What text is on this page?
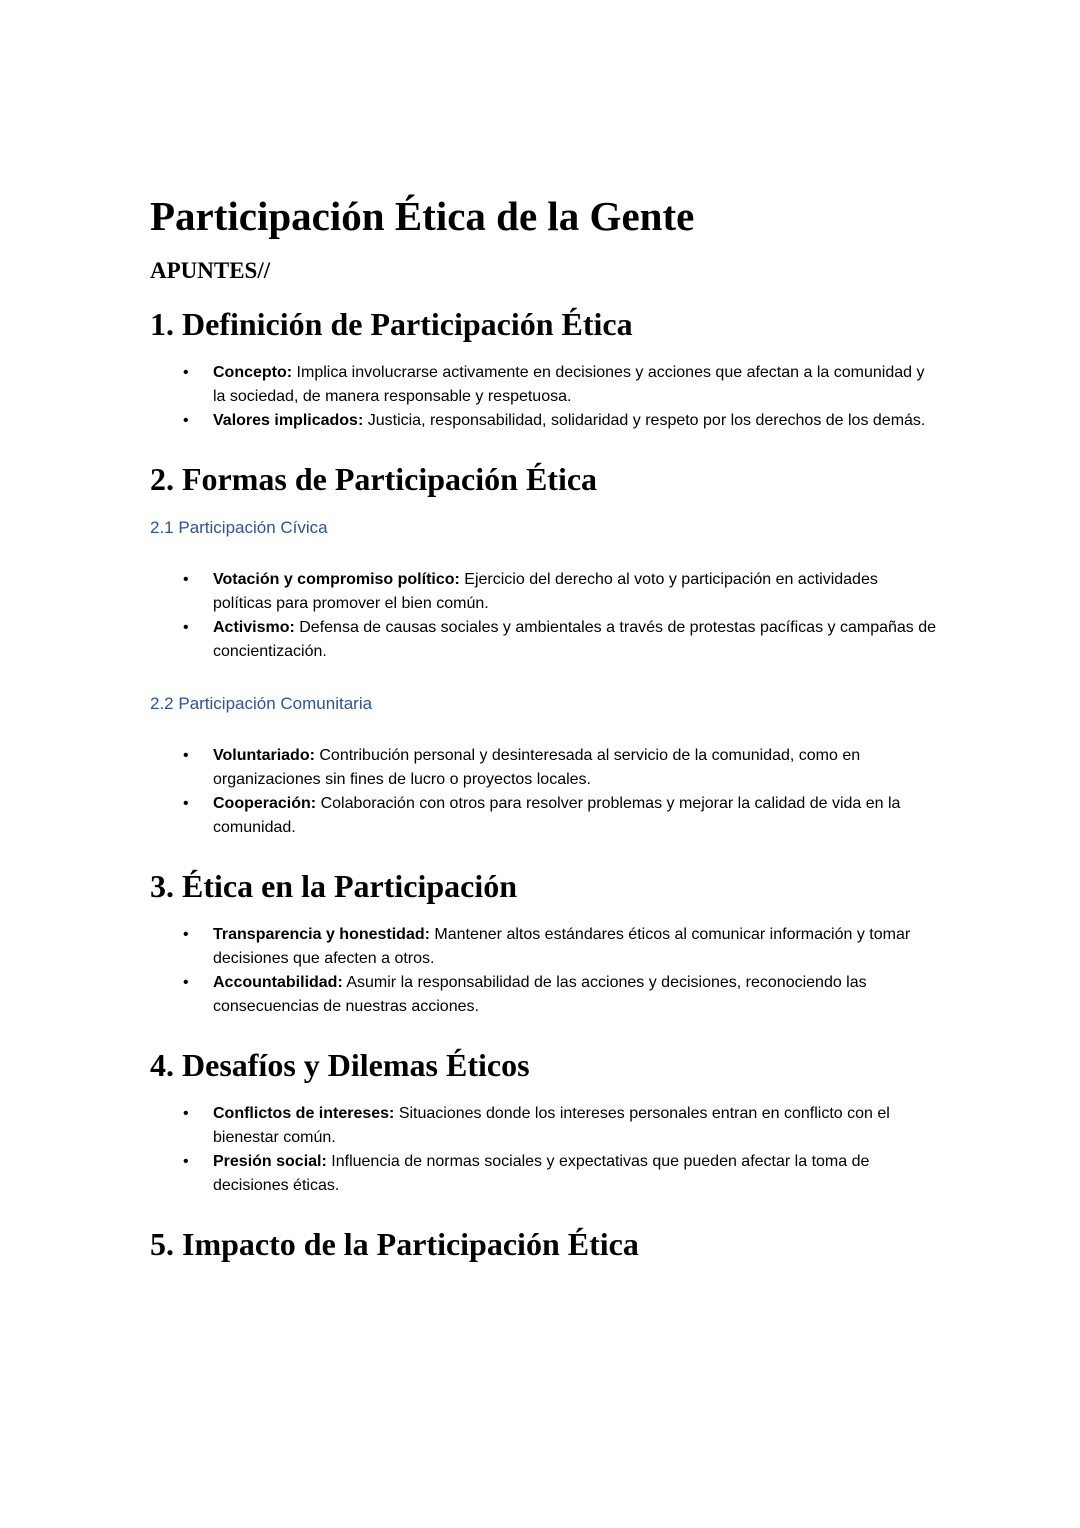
Participación Ética de la Gente
APUNTES//
1. Definición de Participación Ética
• Concepto: Implica involucrarse activamente en decisiones y acciones que afectan a la comunidad y la sociedad, de manera responsable y respetuosa.
• Valores implicados: Justicia, responsabilidad, solidaridad y respeto por los derechos de los demás.
2. Formas de Participación Ética
2.1 Participación Cívica
• Votación y compromiso político: Ejercicio del derecho al voto y participación en actividades políticas para promover el bien común.
• Activismo: Defensa de causas sociales y ambientales a través de protestas pacíficas y campañas de concientización.
2.2 Participación Comunitaria
• Voluntariado: Contribución personal y desinteresada al servicio de la comunidad, como en organizaciones sin fines de lucro o proyectos locales.
• Cooperación: Colaboración con otros para resolver problemas y mejorar la calidad de vida en la comunidad.
3. Ética en la Participación
• Transparencia y honestidad: Mantener altos estándares éticos al comunicar información y tomar decisiones que afecten a otros.
• Accountabilidad: Asumir la responsabilidad de las acciones y decisiones, reconociendo las consecuencias de nuestras acciones.
4. Desafíos y Dilemas Éticos
• Conflictos de intereses: Situaciones donde los intereses personales entran en conflicto con el bienestar común.
• Presión social: Influencia de normas sociales y expectativas que pueden afectar la toma de decisiones éticas.
5. Impacto de la Participación Ética
